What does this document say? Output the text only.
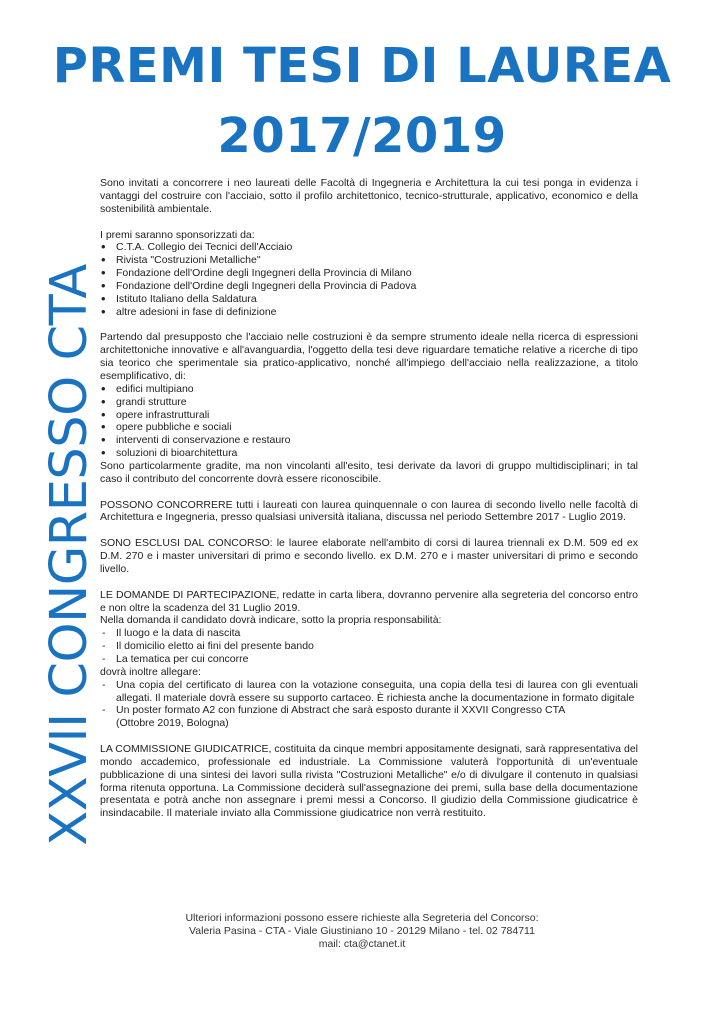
PREMI TESI DI LAUREA
2017/2019
XXVII CONGRESSO CTA

Sono invitati a concorrere i neo laureati delle Facoltà di Ingegneria e Architettura la cui tesi ponga in evidenza i vantaggi del costruire con l'acciaio, sotto il profilo architettonico, tecnico-strutturale, applicativo, economico e della sostenibilità ambientale.

I premi saranno sponsorizzati da:

• C.T.A. Collegio dei Tecnici dell'Acciaio
• Rivista "Costruzioni Metalliche"
• Fondazione dell'Ordine degli Ingegneri della Provincia di Milano
• Fondazione dell'Ordine degli Ingegneri della Provincia di Padova
• Istituto Italiano della Saldatura
• altre adesioni in fase di definizione

Partendo dal presupposto che l'acciaio nelle costruzioni è da sempre strumento ideale nella ricerca di espressioni architettoniche innovative e all'avanguardia, l'oggetto della tesi deve riguardare tematiche relative a ricerche di tipo sia teorico che sperimentale sia pratico-applicativo, nonché all'impiego dell'acciaio nella realizzazione, a titolo esemplificativo, di:

• edifici multipiano
• grandi strutture
• opere infrastrutturali
• opere pubbliche e sociali
• interventi di conservazione e restauro
• soluzioni di bioarchitettura

Sono particolarmente gradite, ma non vincolanti all'esito, tesi derivate da lavori di gruppo multidisciplinari; in tal caso il contributo del concorrente dovrà essere riconoscibile.

POSSONO CONCORRERE tutti i laureati con laurea quinquennale o con laurea di secondo livello nelle facoltà di Architettura e Ingegneria, presso qualsiasi università italiana, discussa nel periodo Settembre 2017 - Luglio 2019.

SONO ESCLUSI DAL CONCORSO: le lauree elaborate nell'ambito di corsi di laurea triennali ex D.M. 509 ed ex D.M. 270 e i master universitari di primo e secondo livello. ex D.M. 270 e i master universitari di primo e secondo livello.

LE DOMANDE DI PARTECIPAZIONE, redatte in carta libera, dovranno pervenire alla segreteria del concorso entro e non oltre la scadenza del 31 Luglio 2019.

Nella domanda il candidato dovrà indicare, sotto la propria responsabilità:

- Il luogo e la data di nascita
- Il domicilio eletto ai fini del presente bando
- La tematica per cui concorre

dovrà inoltre allegare:

- Una copia del certificato di laurea con la votazione conseguita, una copia della tesi di laurea con gli eventuali allegati. Il materiale dovrà essere su supporto cartaceo. È richiesta anche la documentazione in formato digitale
- Un poster formato A2 con funzione di Abstract che sarà esposto durante il XXVII Congresso CTA

(Ottobre 2019, Bologna)

LA COMMISSIONE GIUDICATRICE, costituita da cinque membri appositamente designati, sarà rappresentativa del mondo accademico, professionale ed industriale. La Commissione valuterà l'opportunità di un'eventuale pubblicazione di una sintesi dei lavori sulla rivista "Costruzioni Metalliche" e/o di divulgare il contenuto in qualsiasi forma ritenuta opportuna. La Commissione deciderà sull'assegnazione dei premi, sulla base della documentazione presentata e potrà anche non assegnare i premi messi a Concorso. Il giudizio della Commissione giudicatrice è insindacabile. Il materiale inviato alla Commissione giudicatrice non verrà restituito.

Ulteriori informazioni possono essere richieste alla Segreteria del Concorso:
Valeria Pasina - CTA - Viale Giustiniano 10 - 20129 Milano - tel. 02 784711
mail: cta@ctanet.it
